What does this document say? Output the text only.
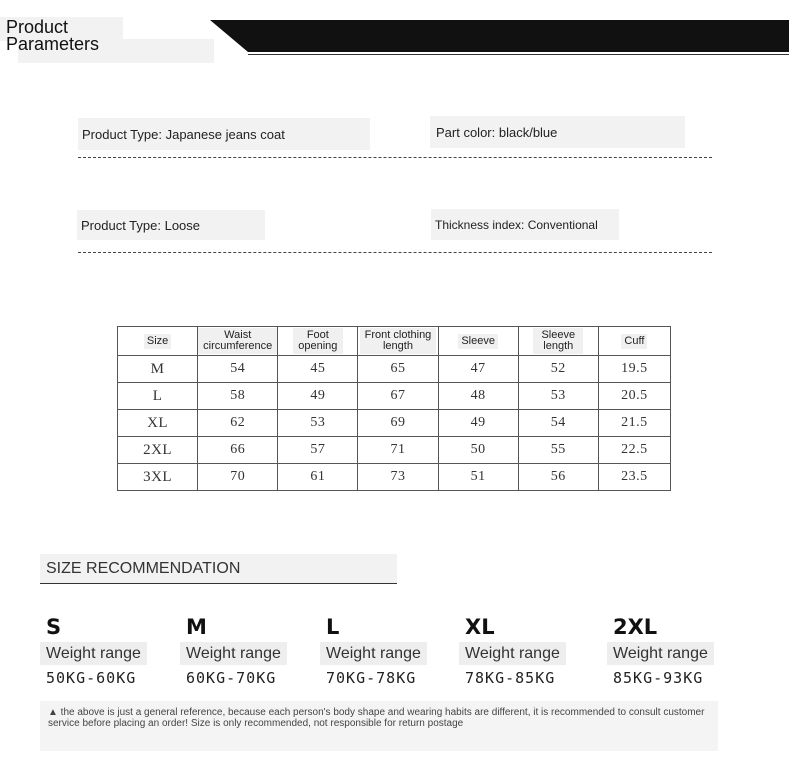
Product
Parameters
Product Type: Japanese jeans coat	Part color: black/blue
Product Type: Loose	Thickness index: Conventional
Size	Waist circumference	Foot opening	Front clothing length	Sleeve	Sleeve length	Cuff
M	54	45	65	47	52	19.5
L	58	49	67	48	53	20.5
XL	62	53	69	49	54	21.5
2XL	66	57	71	50	55	22.5
3XL	70	61	73	51	56	23.5
SIZE RECOMMENDATION
S
Weight range
50KG-60KG
M
Weight range
60KG-70KG
L
Weight range
70KG-78KG
XL
Weight range
78KG-85KG
2XL
Weight range
85KG-93KG
▲ the above is just a general reference, because each person's body shape and wearing habits are different, it is recommended to consult customer service before placing an order! Size is only recommended, not responsible for return postage
